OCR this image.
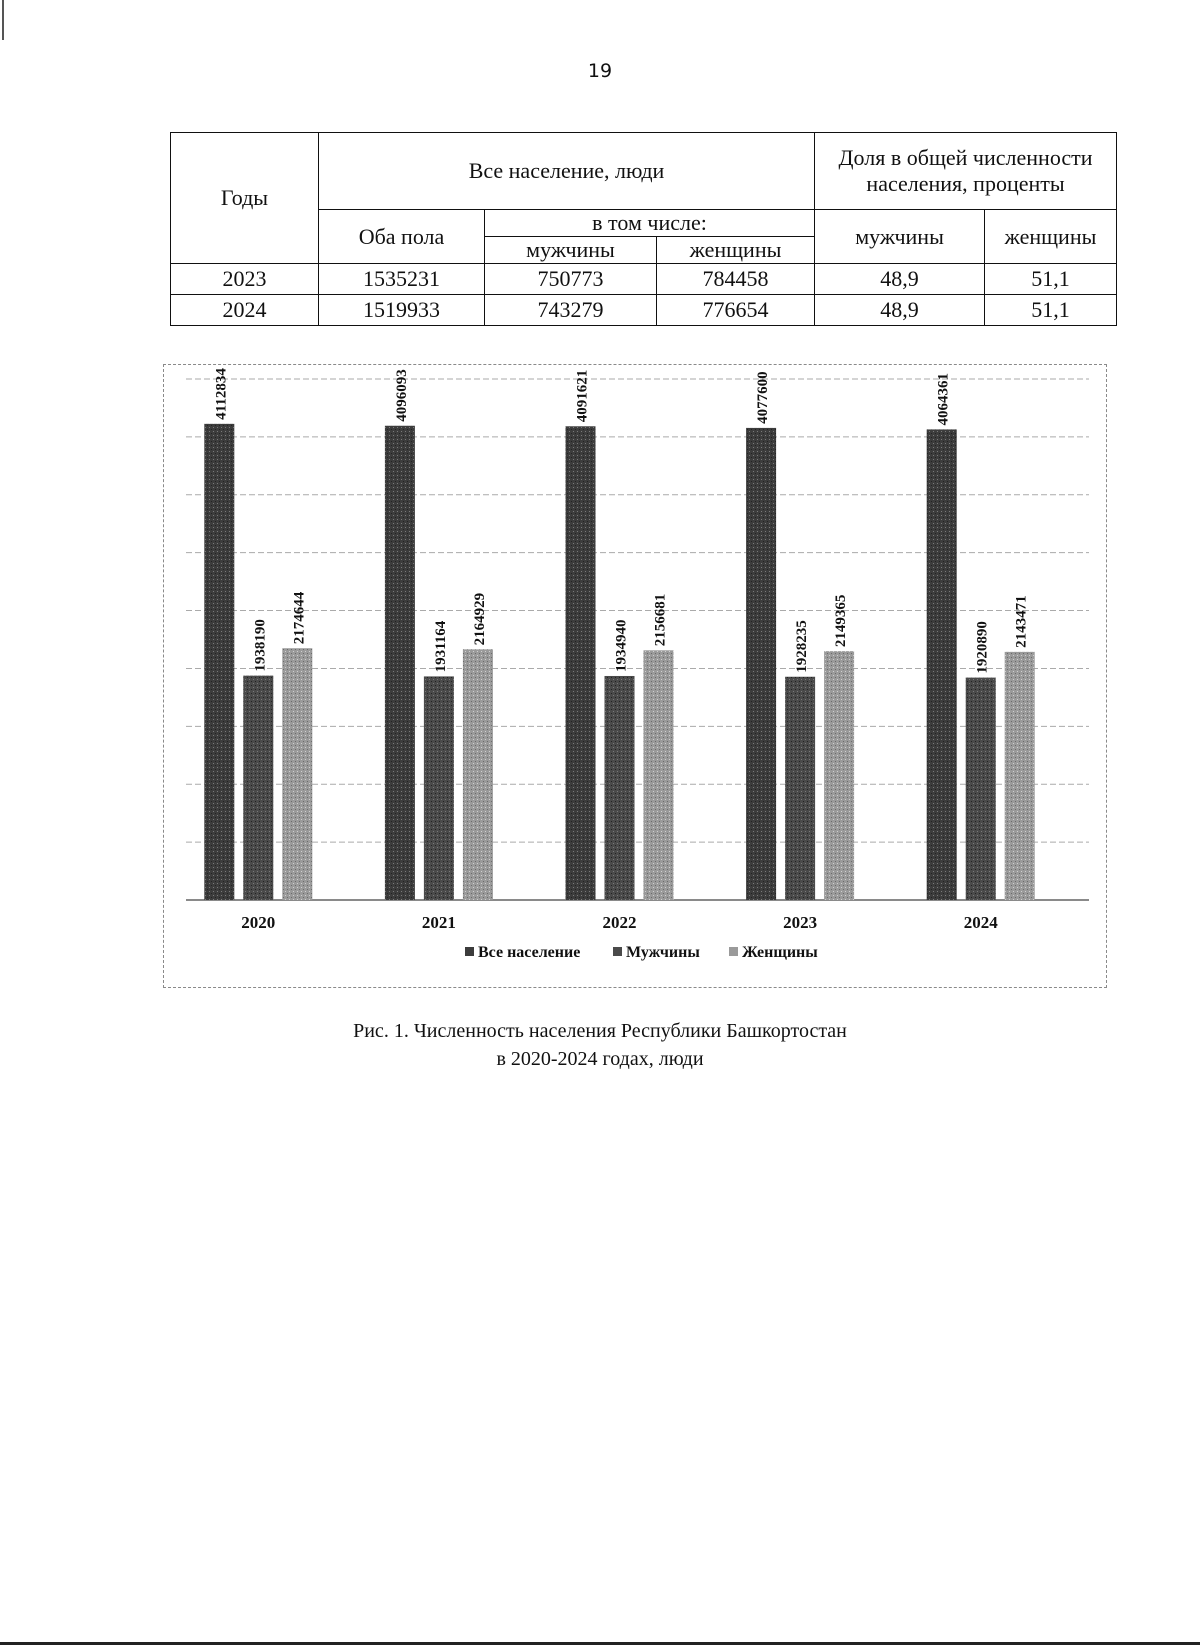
19
Годы	Все население, люди			Доля в общей численности населения, проценты	
	Оба пола	в том числе:		мужчины	женщины
		мужчины	женщины		
2023	1535231	750773	784458	48,9	51,1
2024	1519933	743279	776654	48,9	51,1
4112834
1938190
2174644
2020
4096093
1931164
2164929
2021
4091621
1934940 2156681
2022
4077600
1928235 2149365
2023
4064361
1920890 2143471
2024
Все население	Мужчины	Женщины
Рис. 1. Численность населения Республики Башкортостан
в 2020-2024 годах, люди
